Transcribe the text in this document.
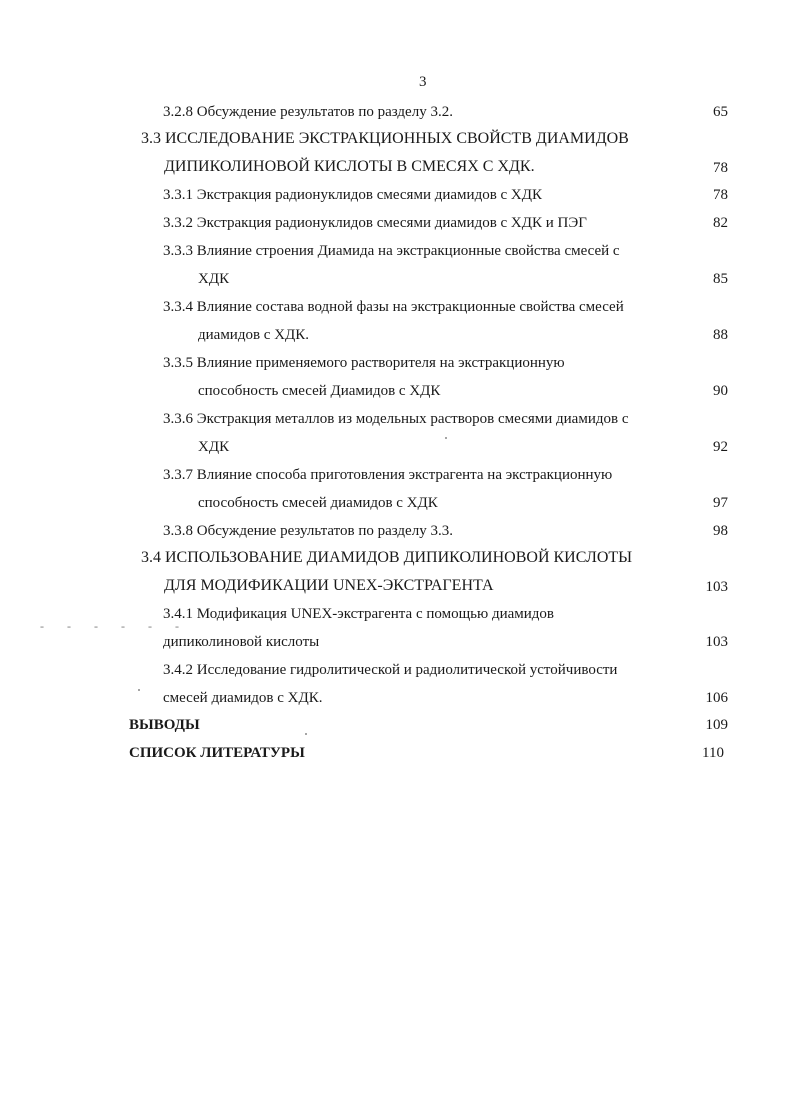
3
- - - - - -
3.2.8 Обсуждение результатов по разделу 3.2.	65
3.3 ИССЛЕДОВАНИЕ ЭКСТРАКЦИОННЫХ СВОЙСТВ ДИАМИДОВ
ДИПИКОЛИНОВОЙ КИСЛОТЫ В СМЕСЯХ С ХДК.	78
3.3.1 Экстракция радионуклидов смесями диамидов с ХДК	78
3.3.2 Экстракция радионуклидов смесями диамидов с ХДК и ПЭГ	82
3.3.3 Влияние строения Диамида на экстракционные свойства смесей с
ХДК	85
3.3.4 Влияние состава водной фазы на экстракционные свойства смесей
диамидов с ХДК.	88
3.3.5 Влияние применяемого растворителя на экстракционную
способность смесей Диамидов с ХДК	90
3.3.6 Экстракция металлов из модельных растворов смесями диамидов с
ХДК	92
3.3.7 Влияние способа приготовления экстрагента на экстракционную
способность смесей диамидов с ХДК	97
3.3.8 Обсуждение результатов по разделу 3.3.	98
3.4 ИСПОЛЬЗОВАНИЕ ДИАМИДОВ ДИПИКОЛИНОВОЙ КИСЛОТЫ
ДЛЯ МОДИФИКАЦИИ UNEX-ЭКСТРАГЕНТА	103
3.4.1 Модификация UNEX-экстрагента с помощью диамидов
дипиколиновой кислоты	103
3.4.2 Исследование гидролитической и радиолитической устойчивости
смесей диамидов с ХДК.	106
ВЫВОДЫ	109
СПИСОК ЛИТЕРАТУРЫ	110
